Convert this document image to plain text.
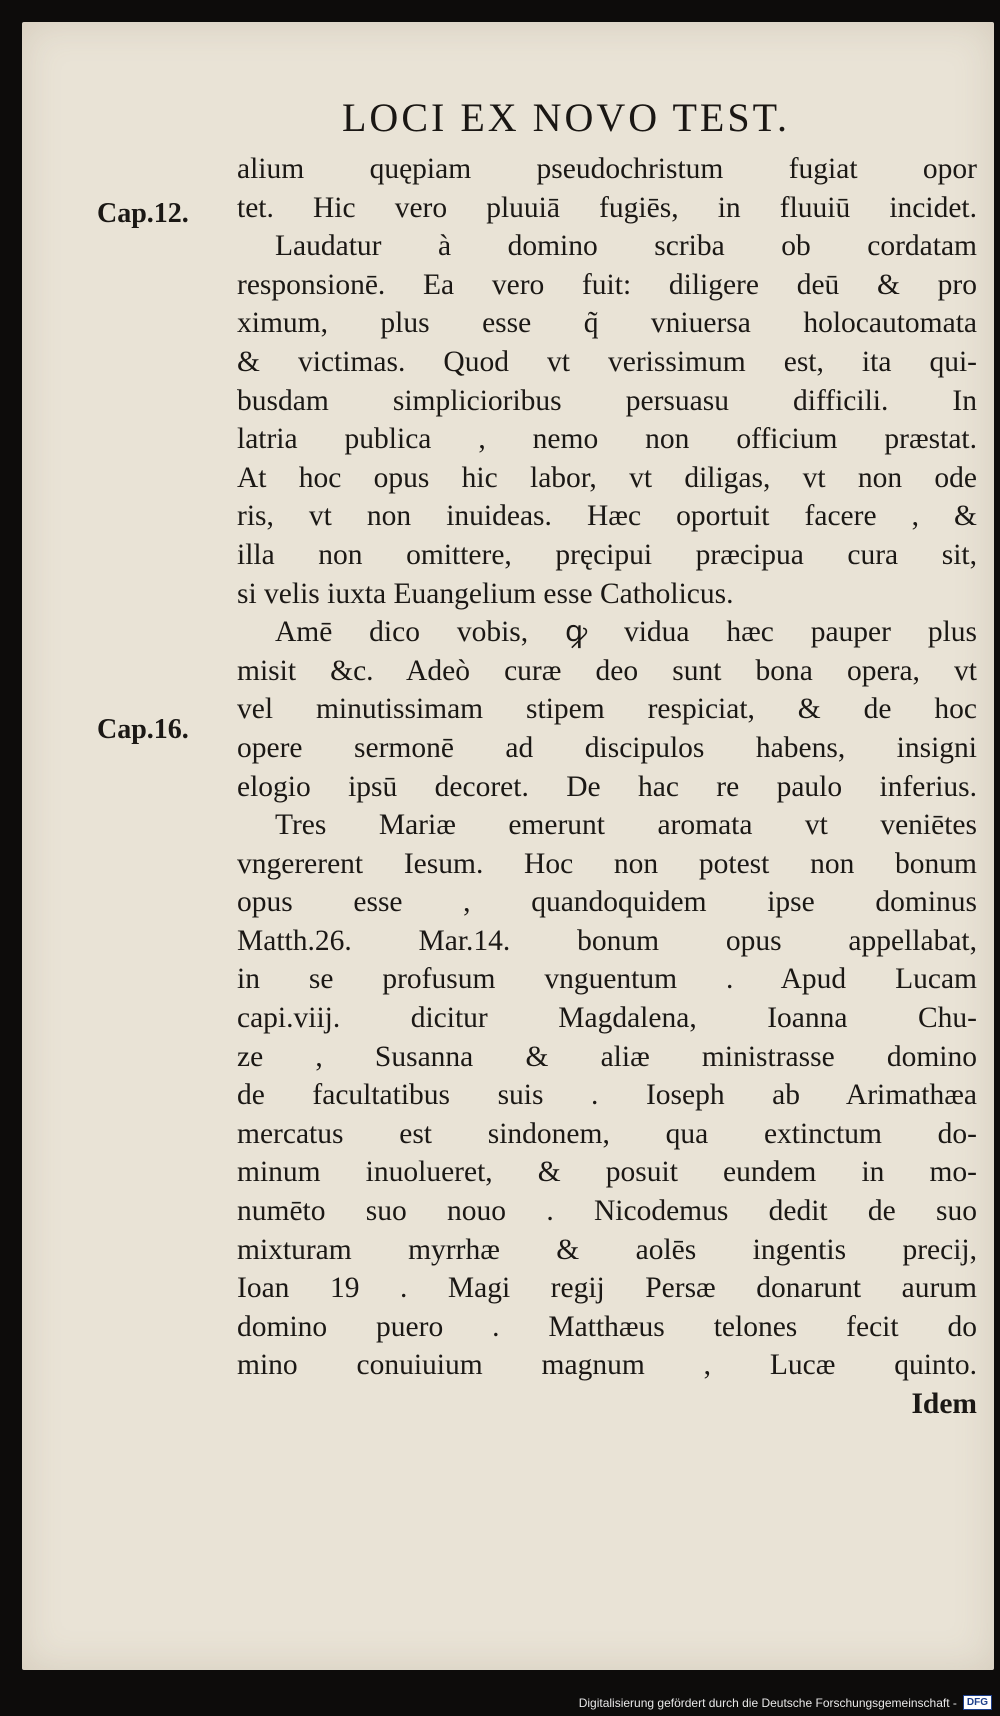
LOCI EX NOVO TEST.
Cap.12.
Cap.16.
alium quępiam pseudochristum fugiat opor
tet. Hic vero pluuiā fugiēs, in fluuiū incidet.
Laudatur à domino scriba ob cordatam
responsionē. Ea vero fuit: diligere deū & pro
ximum, plus esse q̃ vniuersa holocautomata
& victimas. Quod vt verissimum est, ita qui-
busdam simplicioribus persuasu difficili. In
latria publica , nemo non officium præstat.
At hoc opus hic labor, vt diligas, vt non ode
ris, vt non inuideas. Hæc oportuit facere , &
illa non omittere, pręcipui præcipua cura sit,
si velis iuxta Euangelium esse Catholicus.
Amē dico vobis, ꝙ vidua hæc pauper plus
misit &c. Adeò curæ deo sunt bona opera, vt
vel minutissimam stipem respiciat, & de hoc
opere sermonē ad discipulos habens, insigni
elogio ipsū decoret. De hac re paulo inferius.
Tres Mariæ emerunt aromata vt veniētes
vngererent Iesum. Hoc non potest non bonum
opus esse , quandoquidem ipse dominus
Matth.26. Mar.14. bonum opus appellabat,
in se profusum vnguentum . Apud Lucam
capi.viij. dicitur Magdalena, Ioanna Chu-
ze , Susanna & aliæ ministrasse domino
de facultatibus suis . Ioseph ab Arimathæa
mercatus est sindonem, qua extinctum do-
minum inuolueret, & posuit eundem in mo-
numēto suo nouo . Nicodemus dedit de suo
mixturam myrrhæ & aolēs ingentis precij,
Ioan 19 . Magi regij Persæ donarunt aurum
domino puero . Matthæus telones fecit do
mino conuiuium magnum , Lucæ quinto.
Idem
Digitalisierung gefördert durch die Deutsche Forschungsgemeinschaft -	DFG
